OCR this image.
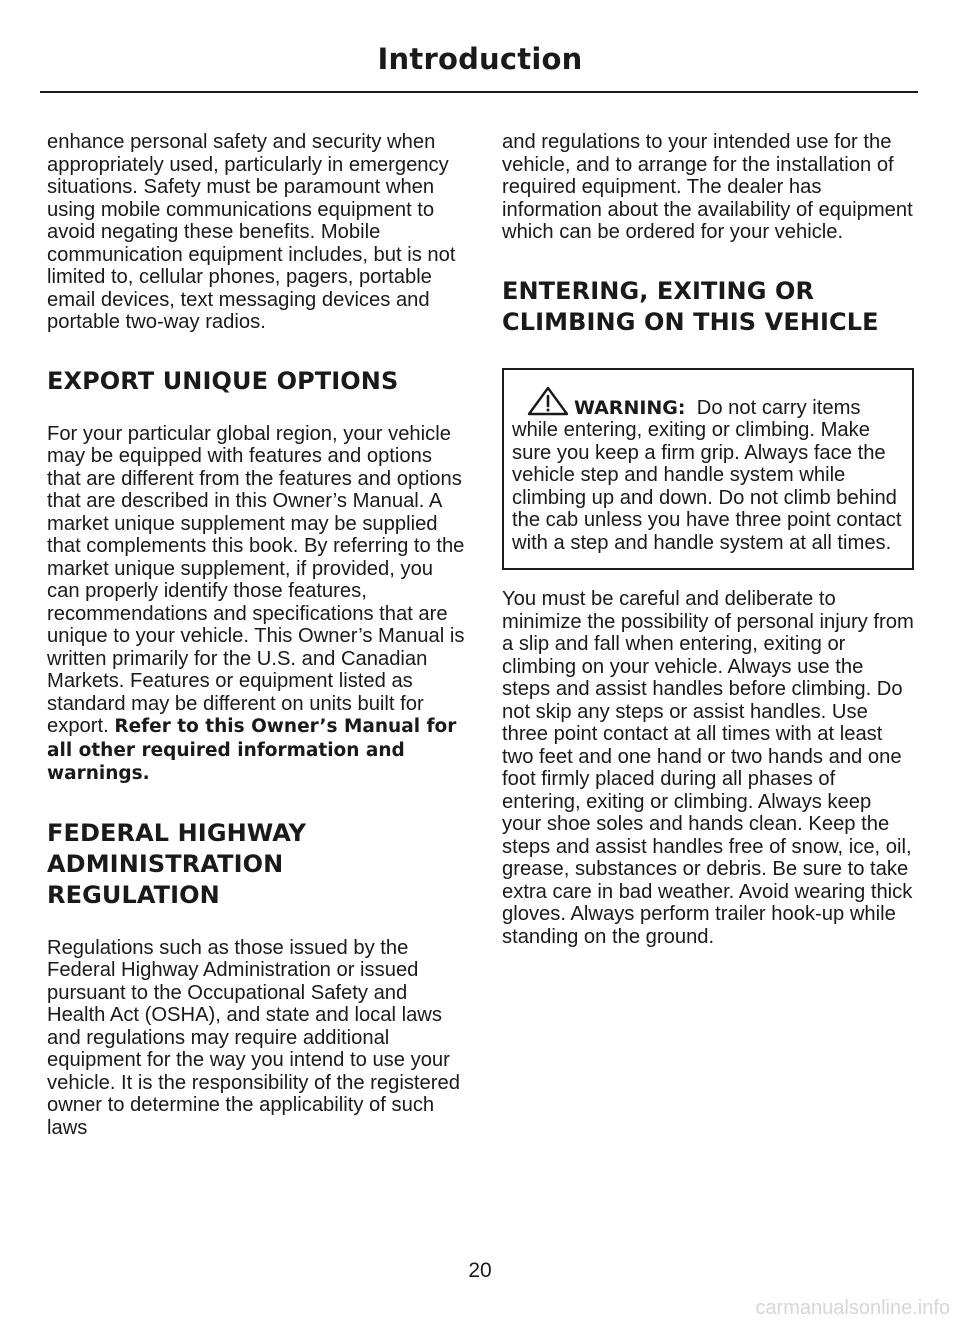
Introduction

enhance personal safety and security when appropriately used, particularly in emergency situations. Safety must be paramount when using mobile communications equipment to avoid negating these benefits. Mobile communication equipment includes, but is not limited to, cellular phones, pagers, portable email devices, text messaging devices and portable two-way radios.

EXPORT UNIQUE OPTIONS

For your particular global region, your vehicle may be equipped with features and options that are different from the features and options that are described in this Owner’s Manual. A market unique supplement may be supplied that complements this book. By referring to the market unique supplement, if provided, you can properly identify those features, recommendations and specifications that are unique to your vehicle. This Owner’s Manual is written primarily for the U.S. and Canadian Markets. Features or equipment listed as standard may be different on units built for export. Refer to this Owner’s Manual for all other required information and warnings.

FEDERAL HIGHWAY
ADMINISTRATION
REGULATION

Regulations such as those issued by the Federal Highway Administration or issued pursuant to the Occupational Safety and Health Act (OSHA), and state and local laws and regulations may require additional equipment for the way you intend to use your vehicle. It is the responsibility of the registered owner to determine the applicability of such laws

and regulations to your intended use for the vehicle, and to arrange for the installation of required equipment. The dealer has information about the availability of equipment which can be ordered for your vehicle.

ENTERING, EXITING OR
CLIMBING ON THIS VEHICLE
WARNING: Do not carry items while entering, exiting or climbing. Make sure you keep a firm grip. Always face the vehicle step and handle system while climbing up and down. Do not climb behind the cab unless you have three point contact with a step and handle system at all times.

You must be careful and deliberate to minimize the possibility of personal injury from a slip and fall when entering, exiting or climbing on your vehicle. Always use the steps and assist handles before climbing. Do not skip any steps or assist handles. Use three point contact at all times with at least two feet and one hand or two hands and one foot firmly placed during all phases of entering, exiting or climbing. Always keep your shoe soles and hands clean. Keep the steps and assist handles free of snow, ice, oil, grease, substances or debris. Be sure to take extra care in bad weather. Avoid wearing thick gloves. Always perform trailer hook-up while standing on the ground.

20
carmanualsonline.info
